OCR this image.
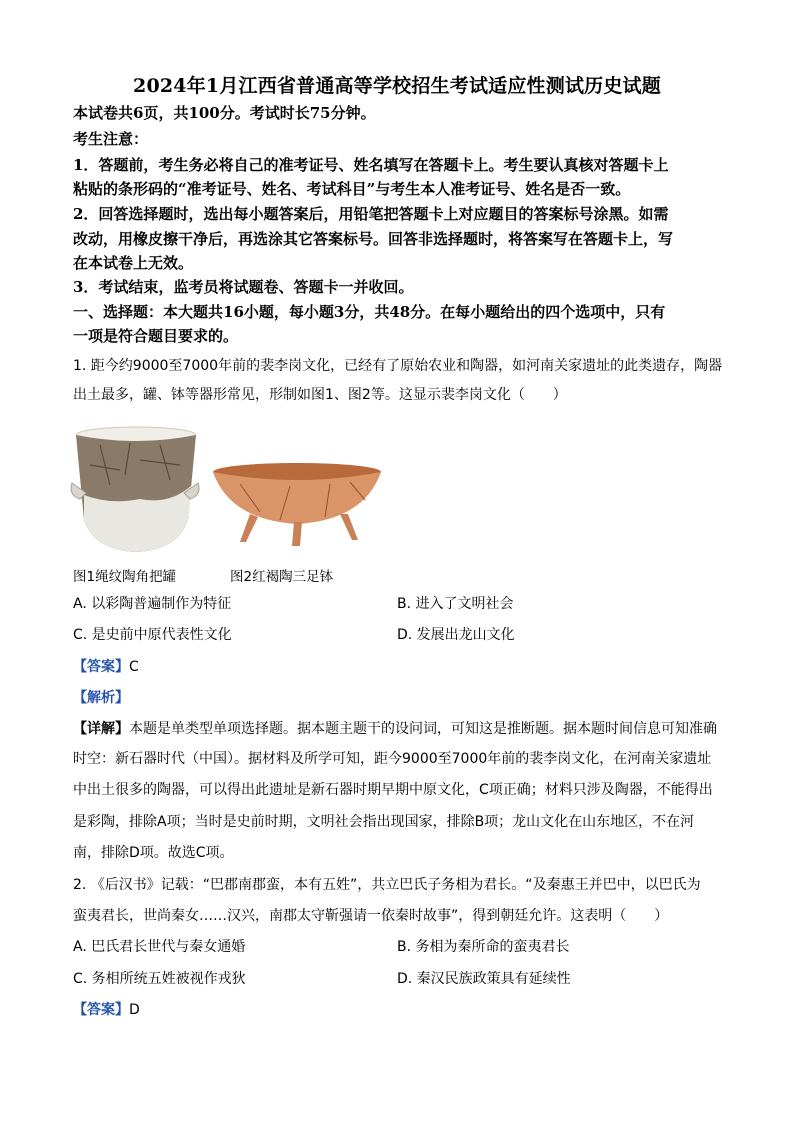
2024年1月江西省普通高等学校招生考试适应性测试历史试题
本试卷共6页，共100分。考试时长75分钟。
考生注意：
1．答题前，考生务必将自己的准考证号、姓名填写在答题卡上。考生要认真核对答题卡上
粘贴的条形码的“准考证号、姓名、考试科目”与考生本人准考证号、姓名是否一致。
2．回答选择题时，选出每小题答案后，用铅笔把答题卡上对应题目的答案标号涂黑。如需
改动，用橡皮擦干净后，再选涂其它答案标号。回答非选择题时，将答案写在答题卡上，写
在本试卷上无效。
3．考试结束，监考员将试题卷、答题卡一并收回。
一、选择题：本大题共16小题，每小题3分，共48分。在每小题给出的四个选项中，只有
一项是符合题目要求的。
1. 距今约9000至7000年前的裴李岗文化，已经有了原始农业和陶器，如河南关家遗址的此类遗存，陶器
出土最多，罐、钵等器形常见，形制如图1、图2等。这显示裴李岗文化（　　）
图1绳纹陶角把罐	图2红褐陶三足钵
A. 以彩陶普遍制作为特征	B. 进入了文明社会
C. 是史前中原代表性文化	D. 发展出龙山文化
【答案】C
【解析】
【详解】本题是单类型单项选择题。据本题主题干的设问词，可知这是推断题。据本题时间信息可知准确
时空：新石器时代（中国）。据材料及所学可知，距今9000至7000年前的裴李岗文化，在河南关家遗址
中出土很多的陶器，可以得出此遗址是新石器时期早期中原文化，C项正确；材料只涉及陶器，不能得出
是彩陶，排除A项；当时是史前时期，文明社会指出现国家，排除B项；龙山文化在山东地区，不在河
南，排除D项。故选C项。
2. 《后汉书》记载：“巴郡南郡蛮，本有五姓”，共立巴氏子务相为君长。“及秦惠王并巴中，以巴氏为
蛮夷君长，世尚秦女……汉兴，南郡太守靳强请一依秦时故事”，得到朝廷允许。这表明（　　）
A. 巴氏君长世代与秦女通婚	B. 务相为秦所命的蛮夷君长
C. 务相所统五姓被视作戎狄	D. 秦汉民族政策具有延续性
【答案】D
